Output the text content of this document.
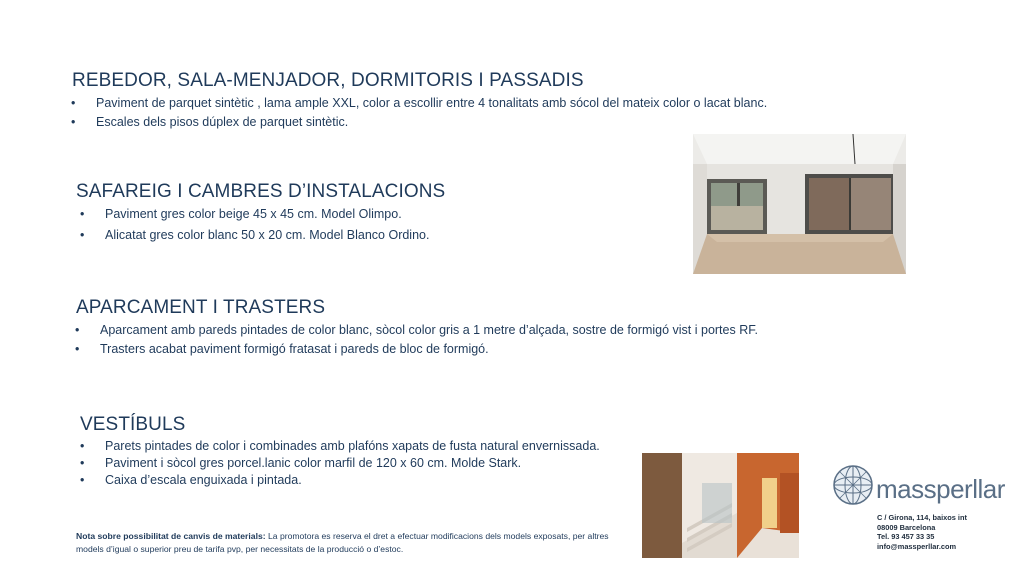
REBEDOR, SALA-MENJADOR, DORMITORIS I PASSADIS
• Paviment de parquet sintètic , lama ample XXL, color a escollir entre 4 tonalitats amb sócol del mateix color o lacat blanc.
• Escales dels pisos dúplex de parquet sintètic.
SAFAREIG I CAMBRES D’INSTALACIONS
• Paviment gres color beige 45 x 45 cm. Model Olimpo.
• Alicatat gres color blanc 50 x 20 cm. Model Blanco Ordino.
APARCAMENT I TRASTERS
• Aparcament amb pareds pintades de color blanc, sòcol color gris a 1 metre d’alçada, sostre de formigó vist i portes RF.
• Trasters acabat paviment formigó fratasat i pareds de bloc de formigó.
VESTÍBULS
• Parets pintades de color i combinades amb plafóns xapats de fusta natural envernissada.
• Paviment i sòcol gres porcel.lanic color marfil de 120 x 60 cm. Molde Stark.
• Caixa d’escala enguixada i pintada.
Nota sobre possibilitat de canvis de materials: La promotora es reserva el dret a efectuar modificacions dels models exposats, per altres models d’igual o superior preu de tarifa pvp, per necessitats de la producció o d’estoc.
massperllar
C / Girona, 114, baixos int
08009 Barcelona
Tel. 93 457 33 35
info@massperllar.com
